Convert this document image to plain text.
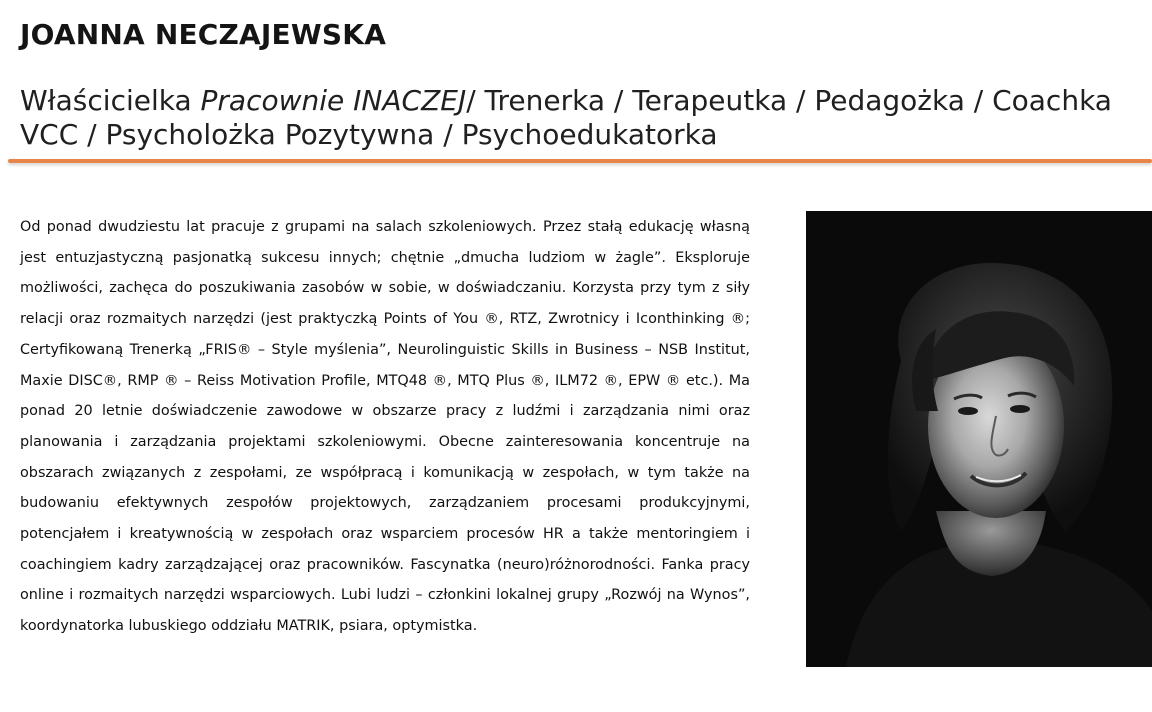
JOANNA NECZAJEWSKA

Właścicielka Pracownie INACZEJ/ Trenerka / Terapeutka / Pedagożka / Coachka VCC / Psycholożka Pozytywna / Psychoedukatorka

Od ponad dwudziestu lat pracuje z grupami na salach szkoleniowych. Przez stałą edukację własną jest entuzjastyczną pasjonatką sukcesu innych; chętnie „dmucha ludziom w żagle”. Eksploruje możliwości, zachęca do poszukiwania zasobów w sobie, w doświadczaniu. Korzysta przy tym z siły relacji oraz rozmaitych narzędzi (jest praktyczką Points of You ®, RTZ, Zwrotnicy i Iconthinking ®; Certyfikowaną Trenerką „FRIS® – Style myślenia”, Neurolinguistic Skills in Business – NSB Institut, Maxie DISC®, RMP ® – Reiss Motivation Profile, MTQ48 ®, MTQ Plus ®, ILM72 ®, EPW ® etc.). Ma ponad 20 letnie doświadczenie zawodowe w obszarze pracy z ludźmi i zarządzania nimi oraz planowania i zarządzania projektami szkoleniowymi. Obecne zainteresowania koncentruje na obszarach związanych z zespołami, ze współpracą i komunikacją w zespołach, w tym także na budowaniu efektywnych zespołów projektowych, zarządzaniem procesami produkcyjnymi, potencjałem i kreatywnością w zespołach oraz wsparciem procesów HR a także mentoringiem i coachingiem kadry zarządzającej oraz pracowników. Fascynatka (neuro)różnorodności. Fanka pracy online i rozmaitych narzędzi wsparciowych. Lubi ludzi – członkini lokalnej grupy „Rozwój na Wynos”, koordynatorka lubuskiego oddziału MATRIK, psiara, optymistka.
